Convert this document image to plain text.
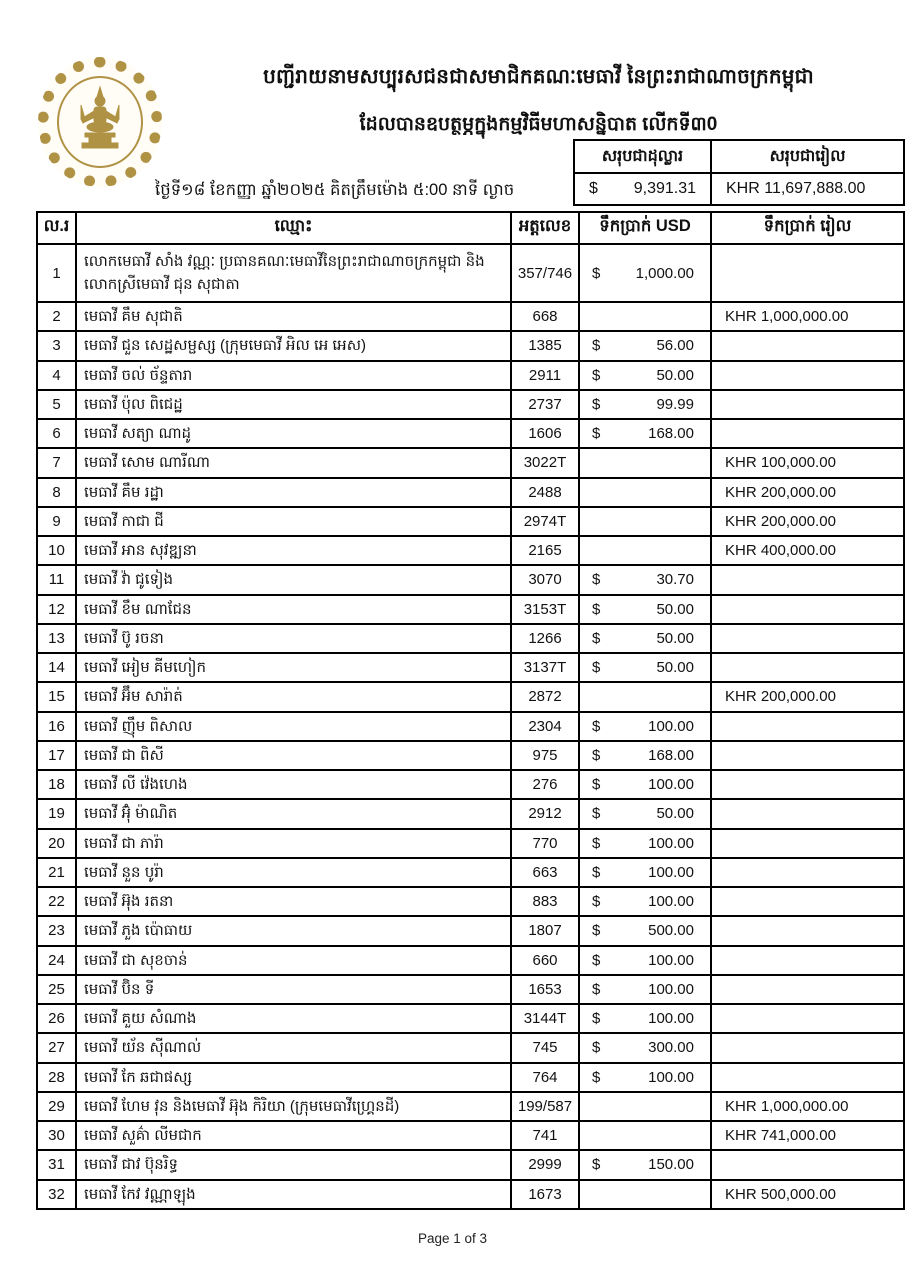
បញ្ជីរាយនាមសប្បុរសជនជាសមាជិកគណៈមេធាវី នៃព្រះរាជាណាចក្រកម្ពុជា
ដែលបានឧបត្ថម្ភក្នុងកម្មវិធីមហាសន្និបាត លើកទី៣0
ថ្ងៃទី១៨ ខែកញ្ញា ឆ្នាំ២០២៥ គិតត្រឹមម៉ោង ៥:00 នាទី ល្ងាច
សរុបជាដុល្លារ	សរុបជារៀល

$ 9,391.31	KHR 11,697,888.00
ល.រ	ឈ្មោះ	អត្តលេខ	ទឹកប្រាក់ USD	ទឹកប្រាក់ រៀល
1	លោកមេធាវី សាំង វណ្ណៈ ប្រធានគណៈមេធាវីនៃព្រះរាជាណាចក្រកម្ពុជា និង លោកស្រីមេធាវី ជុន សុជាតា	357/746	$ 1,000.00	

2	មេធាវី គឹម សុជាតិ	668		KHR 1,000,000.00
3	មេធាវី ជួន សេដ្ឋសម្ផស្ស (ក្រុមមេធាវី អិល អេ អេស)	1385	$ 56.00	

4	មេធាវី ចល់ ច័ន្ទតារា	2911	$ 50.00	

5	មេធាវី ប៉ុល ពិជេដ្ឋ	2737	$ 99.99	

6	មេធាវី សត្យា ណាដូ	1606	$ 168.00	

7	មេធាវី សោម ណារីណា	3022T		KHR 100,000.00
8	មេធាវី គឹម រដ្ឋា	2488		KHR 200,000.00
9	មេធាវី កាជា ជី	2974T		KHR 200,000.00
10	មេធាវី អាន សុវឌ្ឍនា	2165		KHR 400,000.00
11	មេធាវី វ៉ា ជូទៀង	3070	$ 30.70	

12	មេធាវី ខឹម ណាជែន	3153T	$ 50.00	

13	មេធាវី ប៊ូ រចនា	1266	$ 50.00	

14	មេធាវី អៀម គីមហៀក	3137T	$ 50.00	

15	មេធាវី អ៊ឹម សារ៉ាត់	2872		KHR 200,000.00
16	មេធាវី ញ៉ឹម ពិសាល	2304	$ 100.00	

17	មេធាវី ជា ពិសី	975	$ 168.00	

18	មេធាវី លី វ៉េងហេង	276	$ 100.00	

19	មេធាវី អ៊ុំ ម៉ាណិត	2912	$ 50.00	

20	មេធាវី ជា ភារ៉ា	770	$ 100.00	

21	មេធាវី នួន បូរ៉ា	663	$ 100.00	

22	មេធាវី អ៊ុង រតនា	883	$ 100.00	

23	មេធាវី ភួង ប៉ោធាយ	1807	$ 500.00	

24	មេធាវី ជា សុខចាន់	660	$ 100.00	

25	មេធាវី ប៊ិន ទី	1653	$ 100.00	

26	មេធាវី គួយ សំណាង	3144T	$ 100.00	

27	មេធាវី យ័ន ស៊ីណាល់	745	$ 300.00	

28	មេធាវី កែ ឆជាផស្ស	764	$ 100.00	

29	មេធាវី ហែម វុន និងមេធាវី អ៊ុង កិរិយា (ក្រុមមេធាវីហ្គ្រេនដី)	199/587		KHR 1,000,000.00
30	មេធាវី សួគ៌ា លីមជាក	741		KHR 741,000.00
31	មេធាវី ជាវ ប៊ុនរិទ្ធ	2999	$ 150.00	

32	មេធាវី កែវ វណ្ណាឡុង	1673		KHR 500,000.00
Page 1 of 3
